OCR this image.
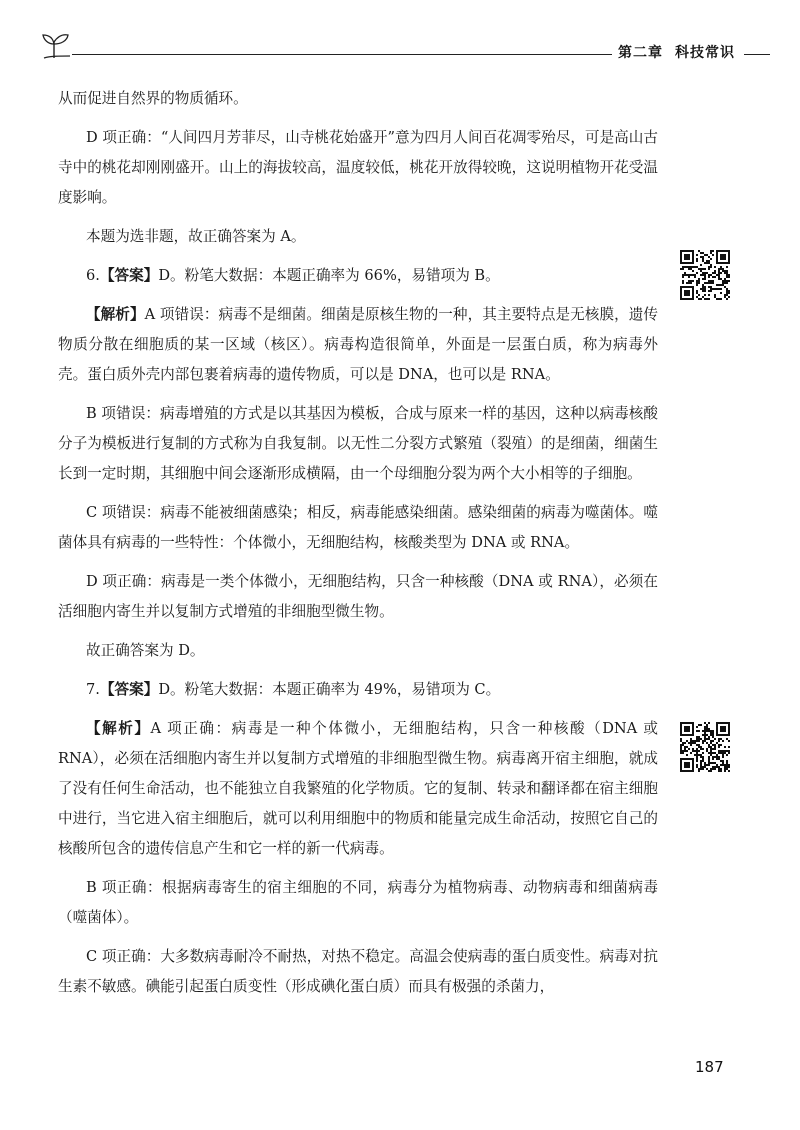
第二章 科技常识

从而促进自然界的物质循环。

D 项正确：“人间四月芳菲尽，山寺桃花始盛开”意为四月人间百花凋零殆尽，可是高山古寺中的桃花却刚刚盛开。山上的海拔较高，温度较低，桃花开放得较晚，这说明植物开花受温度影响。

本题为选非题，故正确答案为 A。

6.【答案】D。粉笔大数据：本题正确率为 66%，易错项为 B。

【解析】A 项错误：病毒不是细菌。细菌是原核生物的一种，其主要特点是无核膜，遗传物质分散在细胞质的某一区域（核区）。病毒构造很简单，外面是一层蛋白质，称为病毒外壳。蛋白质外壳内部包裹着病毒的遗传物质，可以是 DNA，也可以是 RNA。

B 项错误：病毒增殖的方式是以其基因为模板，合成与原来一样的基因，这种以病毒核酸分子为模板进行复制的方式称为自我复制。以无性二分裂方式繁殖（裂殖）的是细菌，细菌生长到一定时期，其细胞中间会逐渐形成横隔，由一个母细胞分裂为两个大小相等的子细胞。

C 项错误：病毒不能被细菌感染；相反，病毒能感染细菌。感染细菌的病毒为噬菌体。噬菌体具有病毒的一些特性：个体微小，无细胞结构，核酸类型为 DNA 或 RNA。

D 项正确：病毒是一类个体微小，无细胞结构，只含一种核酸（DNA 或 RNA），必须在活细胞内寄生并以复制方式增殖的非细胞型微生物。

故正确答案为 D。

7.【答案】D。粉笔大数据：本题正确率为 49%，易错项为 C。

【解析】A 项正确：病毒是一种个体微小，无细胞结构，只含一种核酸（DNA 或 RNA），必须在活细胞内寄生并以复制方式增殖的非细胞型微生物。病毒离开宿主细胞，就成了没有任何生命活动，也不能独立自我繁殖的化学物质。它的复制、转录和翻译都在宿主细胞中进行，当它进入宿主细胞后，就可以利用细胞中的物质和能量完成生命活动，按照它自己的核酸所包含的遗传信息产生和它一样的新一代病毒。

B 项正确：根据病毒寄生的宿主细胞的不同，病毒分为植物病毒、动物病毒和细菌病毒（噬菌体）。

C 项正确：大多数病毒耐冷不耐热，对热不稳定。高温会使病毒的蛋白质变性。病毒对抗生素不敏感。碘能引起蛋白质变性（形成碘化蛋白质）而具有极强的杀菌力，

187
